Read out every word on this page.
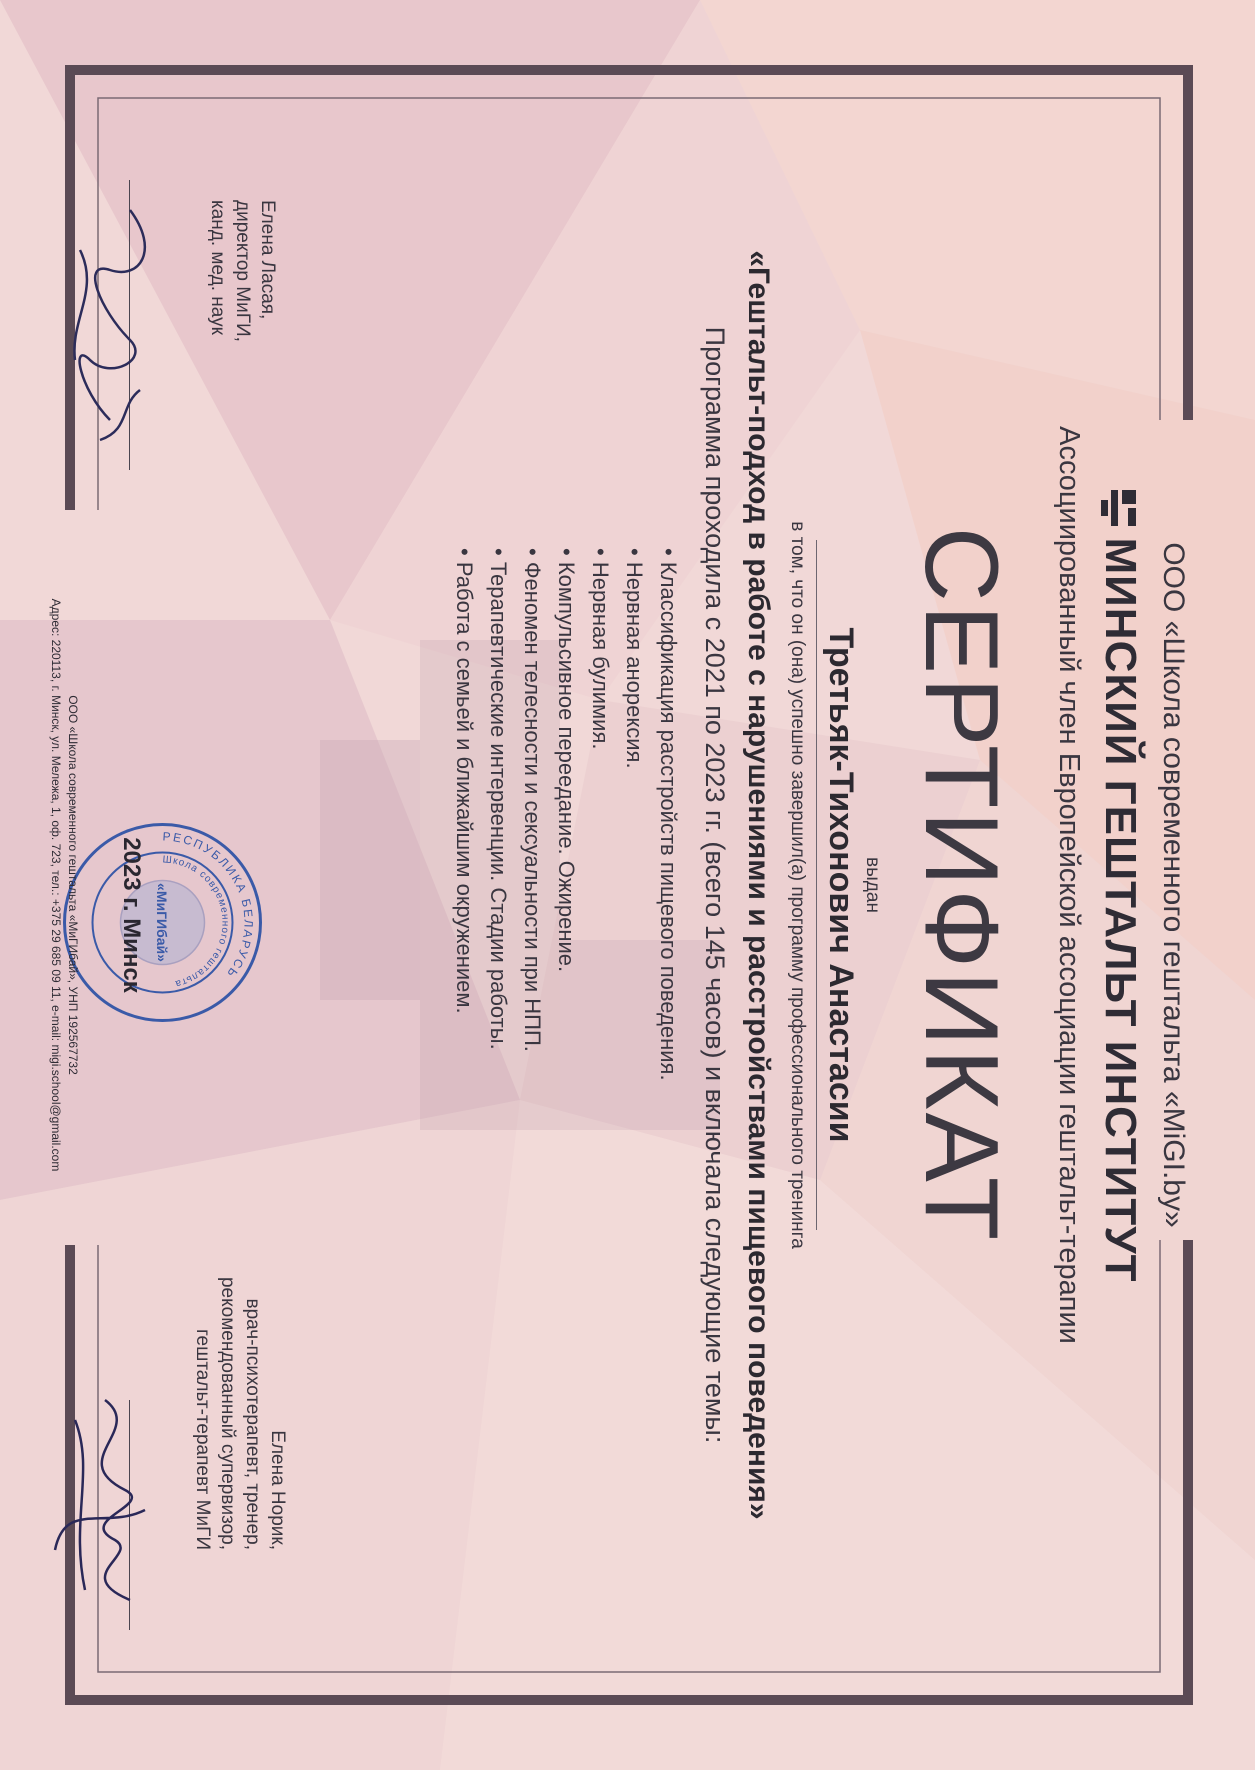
ООО «Школа современного гештальта «MiGI.by»
МИНСКИЙ ГЕШТАЛЬТ ИНСТИТУТ
Ассоциированный член Европейской ассоциации гештальт-терапии
СЕРТИФИКАТ
выдан
Третьяк-Тихонович Анастасии
в том, что он (она) успешно завершил(а) программу профессионального тренинга
«Гештальт-подход в работе с нарушениями и расстройствами пищевого поведения»
Программа проходила с 2021 по 2023 гг. (всего 145 часов) и включала следующие темы:
• Классификация расстройств пищевого поведения.
• Нервная анорексия.
• Нервная булимия.
• Компульсивное переедание. Ожирение.
• Феномен телесности и сексуальности при НПП.
• Терапевтические интервенции. Стадии работы.
• Работа с семьей и ближайшим окружением.
Елена Ласая,
директор МиГИ,
канд. мед. наук
Елена Норик,
врач-психотерапевт, тренер,
рекомендованный супервизор,
гештальт-терапевт МиГИ
РЕСПУБЛИКА БЕЛАРУСЬ
Школа современного гештальта
«МиГИбай»
2023 г. Минск
ООО «Школа современного гештальта «МиГИбай», УНП 192567732
Адрес: 220113, г. Минск, ул. Мележа, 1, оф. 723, тел.: +375 29 685 09 11, e-mail: migi.school@gmail.com
